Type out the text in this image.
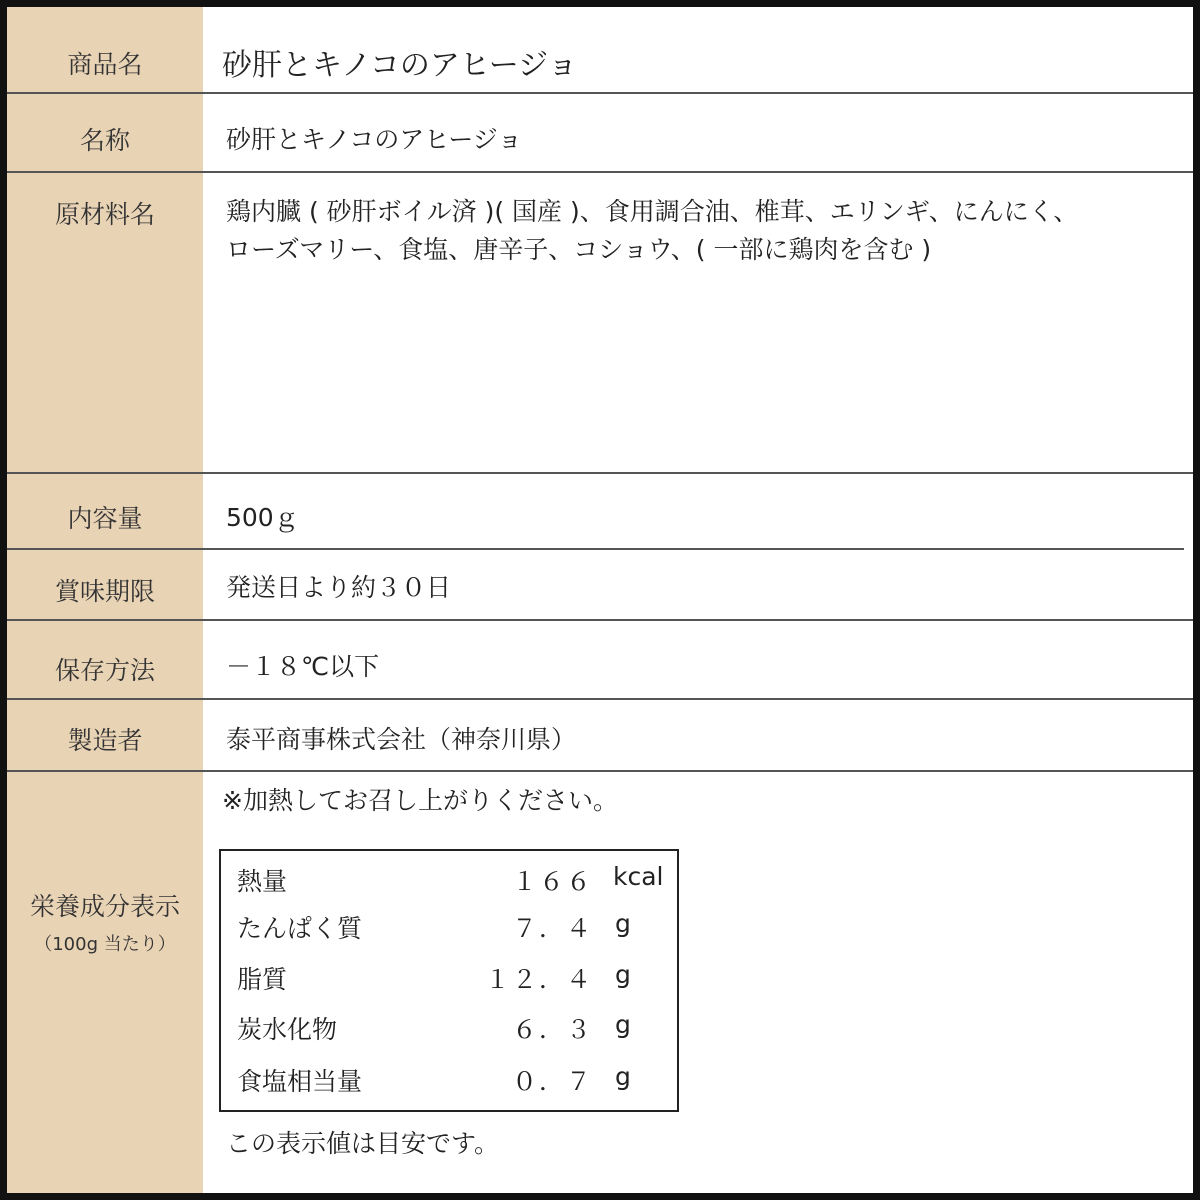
商品名	砂肝とキノコのアヒージョ
名称	砂肝とキノコのアヒージョ
原材料名	鶏内臓 ( 砂肝ボイル済 )( 国産 )、食用調合油、椎茸、エリンギ、にんにく、
ローズマリー、食塩、唐辛子、コショウ、( 一部に鶏肉を含む )
内容量	500ｇ
賞味期限	発送日より約３０日
保存方法	－１８℃以下
製造者	泰平商事株式会社（神奈川県）
栄養成分表示
（100g 当たり）
※加熱してお召し上がりください。
熱量	１６６ kcal
たんぱく質	７．４ g
脂質	１２．４ g
炭水化物	６．３ g
食塩相当量	０．７ g
この表示値は目安です。
